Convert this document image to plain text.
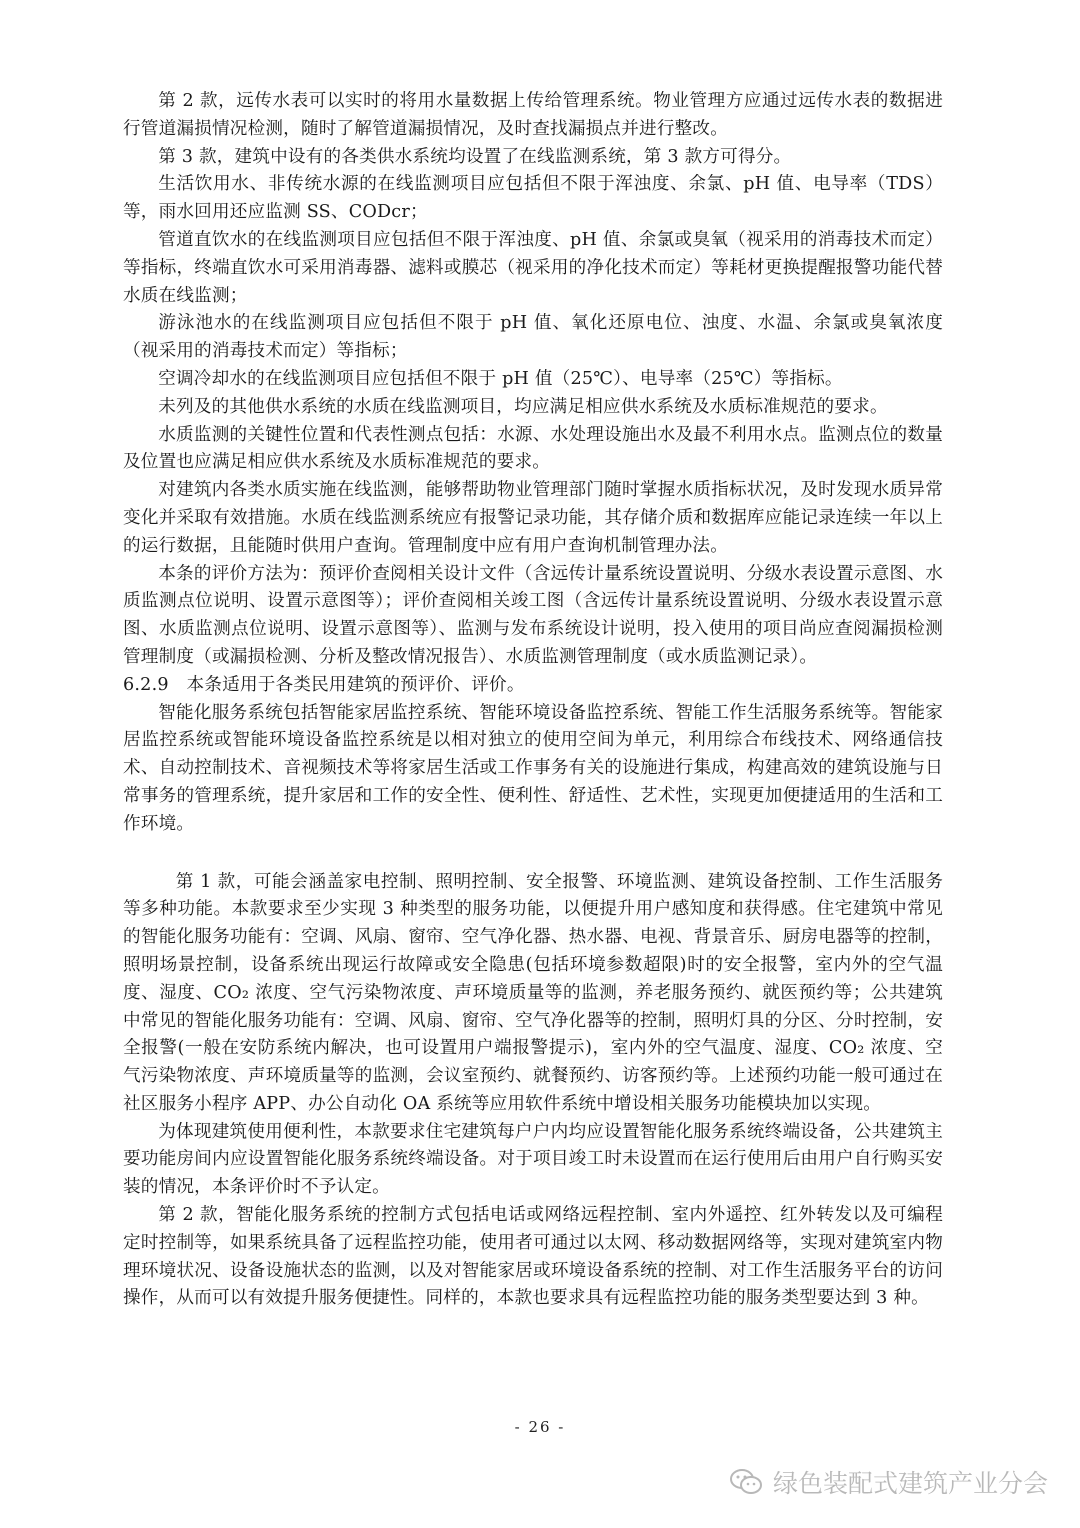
第 2 款，远传水表可以实时的将用水量数据上传给管理系统。物业管理方应通过远传水表的数据进行管道漏损情况检测，随时了解管道漏损情况，及时查找漏损点并进行整改。

第 3 款，建筑中设有的各类供水系统均设置了在线监测系统，第 3 款方可得分。

生活饮用水、非传统水源的在线监测项目应包括但不限于浑浊度、余氯、pH 值、电导率（TDS）等，雨水回用还应监测 SS、CODcr；

管道直饮水的在线监测项目应包括但不限于浑浊度、pH 值、余氯或臭氧（视采用的消毒技术而定）等指标，终端直饮水可采用消毒器、滤料或膜芯（视采用的净化技术而定）等耗材更换提醒报警功能代替水质在线监测；

游泳池水的在线监测项目应包括但不限于 pH 值、氧化还原电位、浊度、水温、余氯或臭氧浓度（视采用的消毒技术而定）等指标；

空调冷却水的在线监测项目应包括但不限于 pH 值（25℃）、电导率（25℃）等指标。

未列及的其他供水系统的水质在线监测项目，均应满足相应供水系统及水质标准规范的要求。

水质监测的关键性位置和代表性测点包括：水源、水处理设施出水及最不利用水点。监测点位的数量及位置也应满足相应供水系统及水质标准规范的要求。

对建筑内各类水质实施在线监测，能够帮助物业管理部门随时掌握水质指标状况，及时发现水质异常变化并采取有效措施。水质在线监测系统应有报警记录功能，其存储介质和数据库应能记录连续一年以上的运行数据，且能随时供用户查询。管理制度中应有用户查询机制管理办法。

本条的评价方法为：预评价查阅相关设计文件（含远传计量系统设置说明、分级水表设置示意图、水质监测点位说明、设置示意图等）；评价查阅相关竣工图（含远传计量系统设置说明、分级水表设置示意图、水质监测点位说明、设置示意图等）、监测与发布系统设计说明，投入使用的项目尚应查阅漏损检测管理制度（或漏损检测、分析及整改情况报告）、水质监测管理制度（或水质监测记录）。

6.2.9　本条适用于各类民用建筑的预评价、评价。

智能化服务系统包括智能家居监控系统、智能环境设备监控系统、智能工作生活服务系统等。智能家居监控系统或智能环境设备监控系统是以相对独立的使用空间为单元，利用综合布线技术、网络通信技术、自动控制技术、音视频技术等将家居生活或工作事务有关的设施进行集成，构建高效的建筑设施与日常事务的管理系统，提升家居和工作的安全性、便利性、舒适性、艺术性，实现更加便捷适用的生活和工作环境。

第 1 款，可能会涵盖家电控制、照明控制、安全报警、环境监测、建筑设备控制、工作生活服务等多种功能。本款要求至少实现 3 种类型的服务功能，以便提升用户感知度和获得感。住宅建筑中常见的智能化服务功能有：空调、风扇、窗帘、空气净化器、热水器、电视、背景音乐、厨房电器等的控制，照明场景控制，设备系统出现运行故障或安全隐患(包括环境参数超限)时的安全报警，室内外的空气温度、湿度、CO₂ 浓度、空气污染物浓度、声环境质量等的监测，养老服务预约、就医预约等；公共建筑中常见的智能化服务功能有：空调、风扇、窗帘、空气净化器等的控制，照明灯具的分区、分时控制，安全报警(一般在安防系统内解决，也可设置用户端报警提示)，室内外的空气温度、湿度、CO₂ 浓度、空气污染物浓度、声环境质量等的监测，会议室预约、就餐预约、访客预约等。上述预约功能一般可通过在社区服务小程序 APP、办公自动化 OA 系统等应用软件系统中增设相关服务功能模块加以实现。

为体现建筑使用便利性，本款要求住宅建筑每户户内均应设置智能化服务系统终端设备，公共建筑主要功能房间内应设置智能化服务系统终端设备。对于项目竣工时未设置而在运行使用后由用户自行购买安装的情况，本条评价时不予认定。

第 2 款，智能化服务系统的控制方式包括电话或网络远程控制、室内外遥控、红外转发以及可编程定时控制等，如果系统具备了远程监控功能，使用者可通过以太网、移动数据网络等，实现对建筑室内物理环境状况、设备设施状态的监测，以及对智能家居或环境设备系统的控制、对工作生活服务平台的访问操作，从而可以有效提升服务便捷性。同样的，本款也要求具有远程监控功能的服务类型要达到 3 种。

- 26 -
绿色装配式建筑产业分会
